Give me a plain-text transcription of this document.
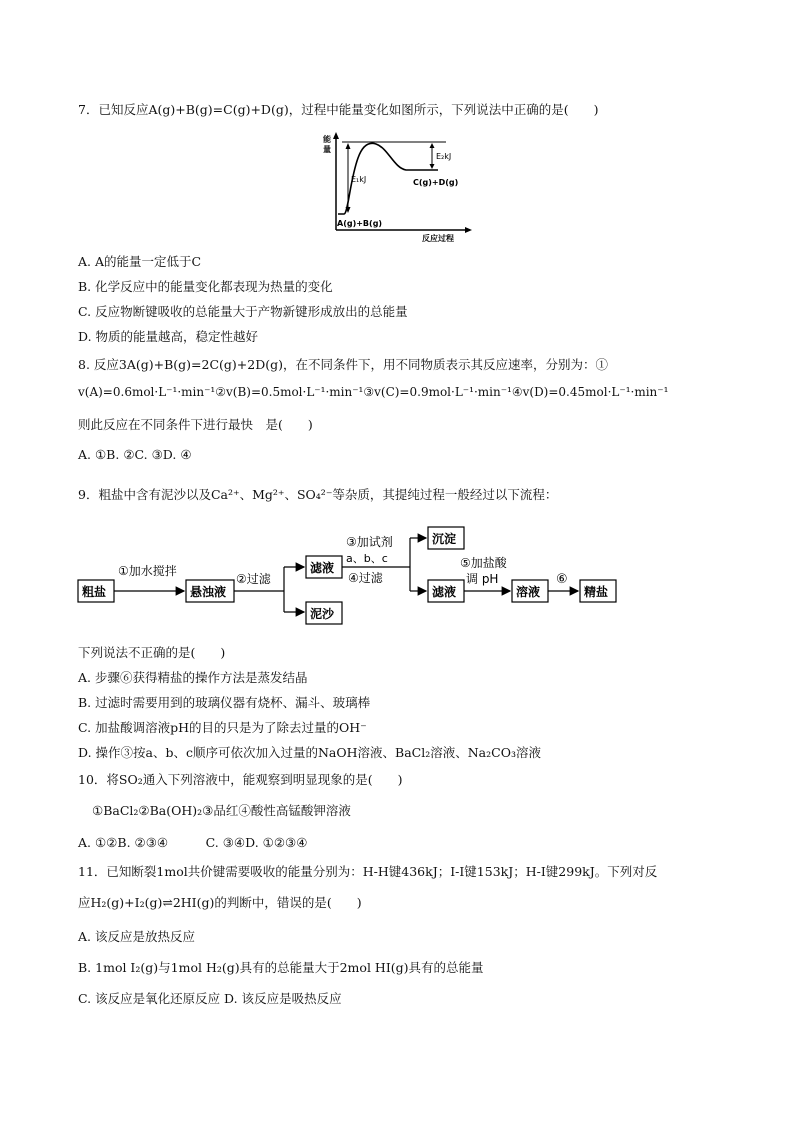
7．已知反应A(g)+B(g)=C(g)+D(g)，过程中能量变化如图所示，下列说法中正确的是(　　)
能
量
E₁kJ
E₂kJ
C(g)+D(g)
A(g)+B(g)
反应过程
A. A的能量一定低于C
B. 化学反应中的能量变化都表现为热量的变化
C. 反应物断键吸收的总能量大于产物新键形成放出的总能量
D. 物质的能量越高，稳定性越好
8. 反应3A(g)+B(g)=2C(g)+2D(g)，在不同条件下，用不同物质表示其反应速率，分别为：①
v(A)=0.6mol·L⁻¹·min⁻¹②v(B)=0.5mol·L⁻¹·min⁻¹③v(C)=0.9mol·L⁻¹·min⁻¹④v(D)=0.45mol·L⁻¹·min⁻¹
则此反应在不同条件下进行最快　是(　　)
A. ①B. ②C. ③D. ④
9．粗盐中含有泥沙以及Ca²⁺、Mg²⁺、SO₄²⁻等杂质，其提纯过程一般经过以下流程：
粗盐
①加水搅拌
悬浊液
②过滤
滤液
泥沙
③加试剂
a、b、c
④过滤
沉淀
滤液
⑤加盐酸
调 pH
溶液
⑥
精盐
下列说法不正确的是(　　)
A. 步骤⑥获得精盐的操作方法是蒸发结晶
B. 过滤时需要用到的玻璃仪器有烧杯、漏斗、玻璃棒
C. 加盐酸调溶液pH的目的只是为了除去过量的OH⁻
D. 操作③按a、b、c顺序可依次加入过量的NaOH溶液、BaCl₂溶液、Na₂CO₃溶液
10．将SO₂通入下列溶液中，能观察到明显现象的是(　　)
①BaCl₂②Ba(OH)₂③品红④酸性高锰酸钾溶液
A. ①②B. ②③④　　　C. ③④D. ①②③④
11．已知断裂1mol共价键需要吸收的能量分别为：H-H键436kJ；I-I键153kJ；H-I键299kJ。下列对反
应H₂(g)+I₂(g)⇌2HI(g)的判断中，错误的是(　　)
A. 该反应是放热反应
B. 1mol I₂(g)与1mol H₂(g)具有的总能量大于2mol HI(g)具有的总能量
C. 该反应是氧化还原反应 D. 该反应是吸热反应
